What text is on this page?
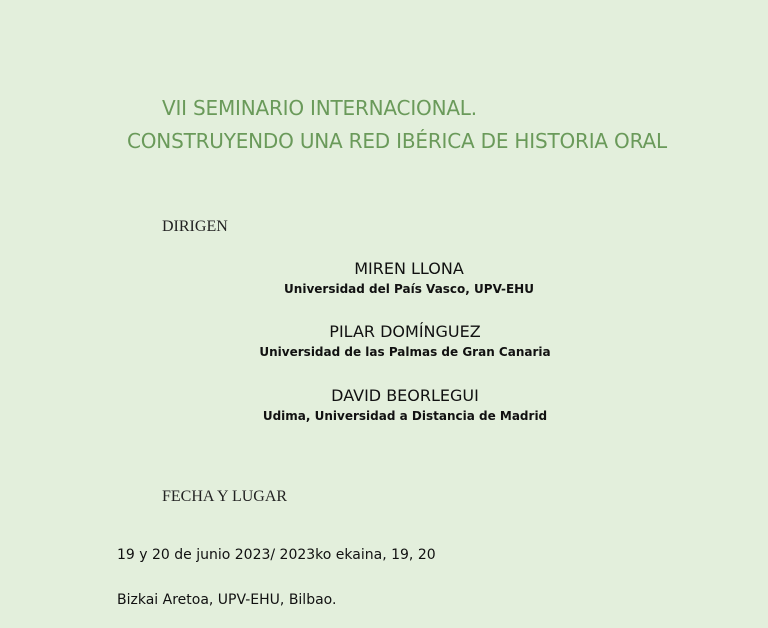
VII SEMINARIO INTERNACIONAL.
CONSTRUYENDO UNA RED IBÉRICA DE HISTORIA ORAL
DIRIGEN
MIREN LLONA
Universidad del País Vasco, UPV-EHU
PILAR DOMÍNGUEZ
Universidad de las Palmas de Gran Canaria
DAVID BEORLEGUI
Udima, Universidad a Distancia de Madrid
FECHA Y LUGAR
19 y 20 de junio 2023/ 2023ko ekaina, 19, 20
Bizkai Aretoa, UPV-EHU, Bilbao.
